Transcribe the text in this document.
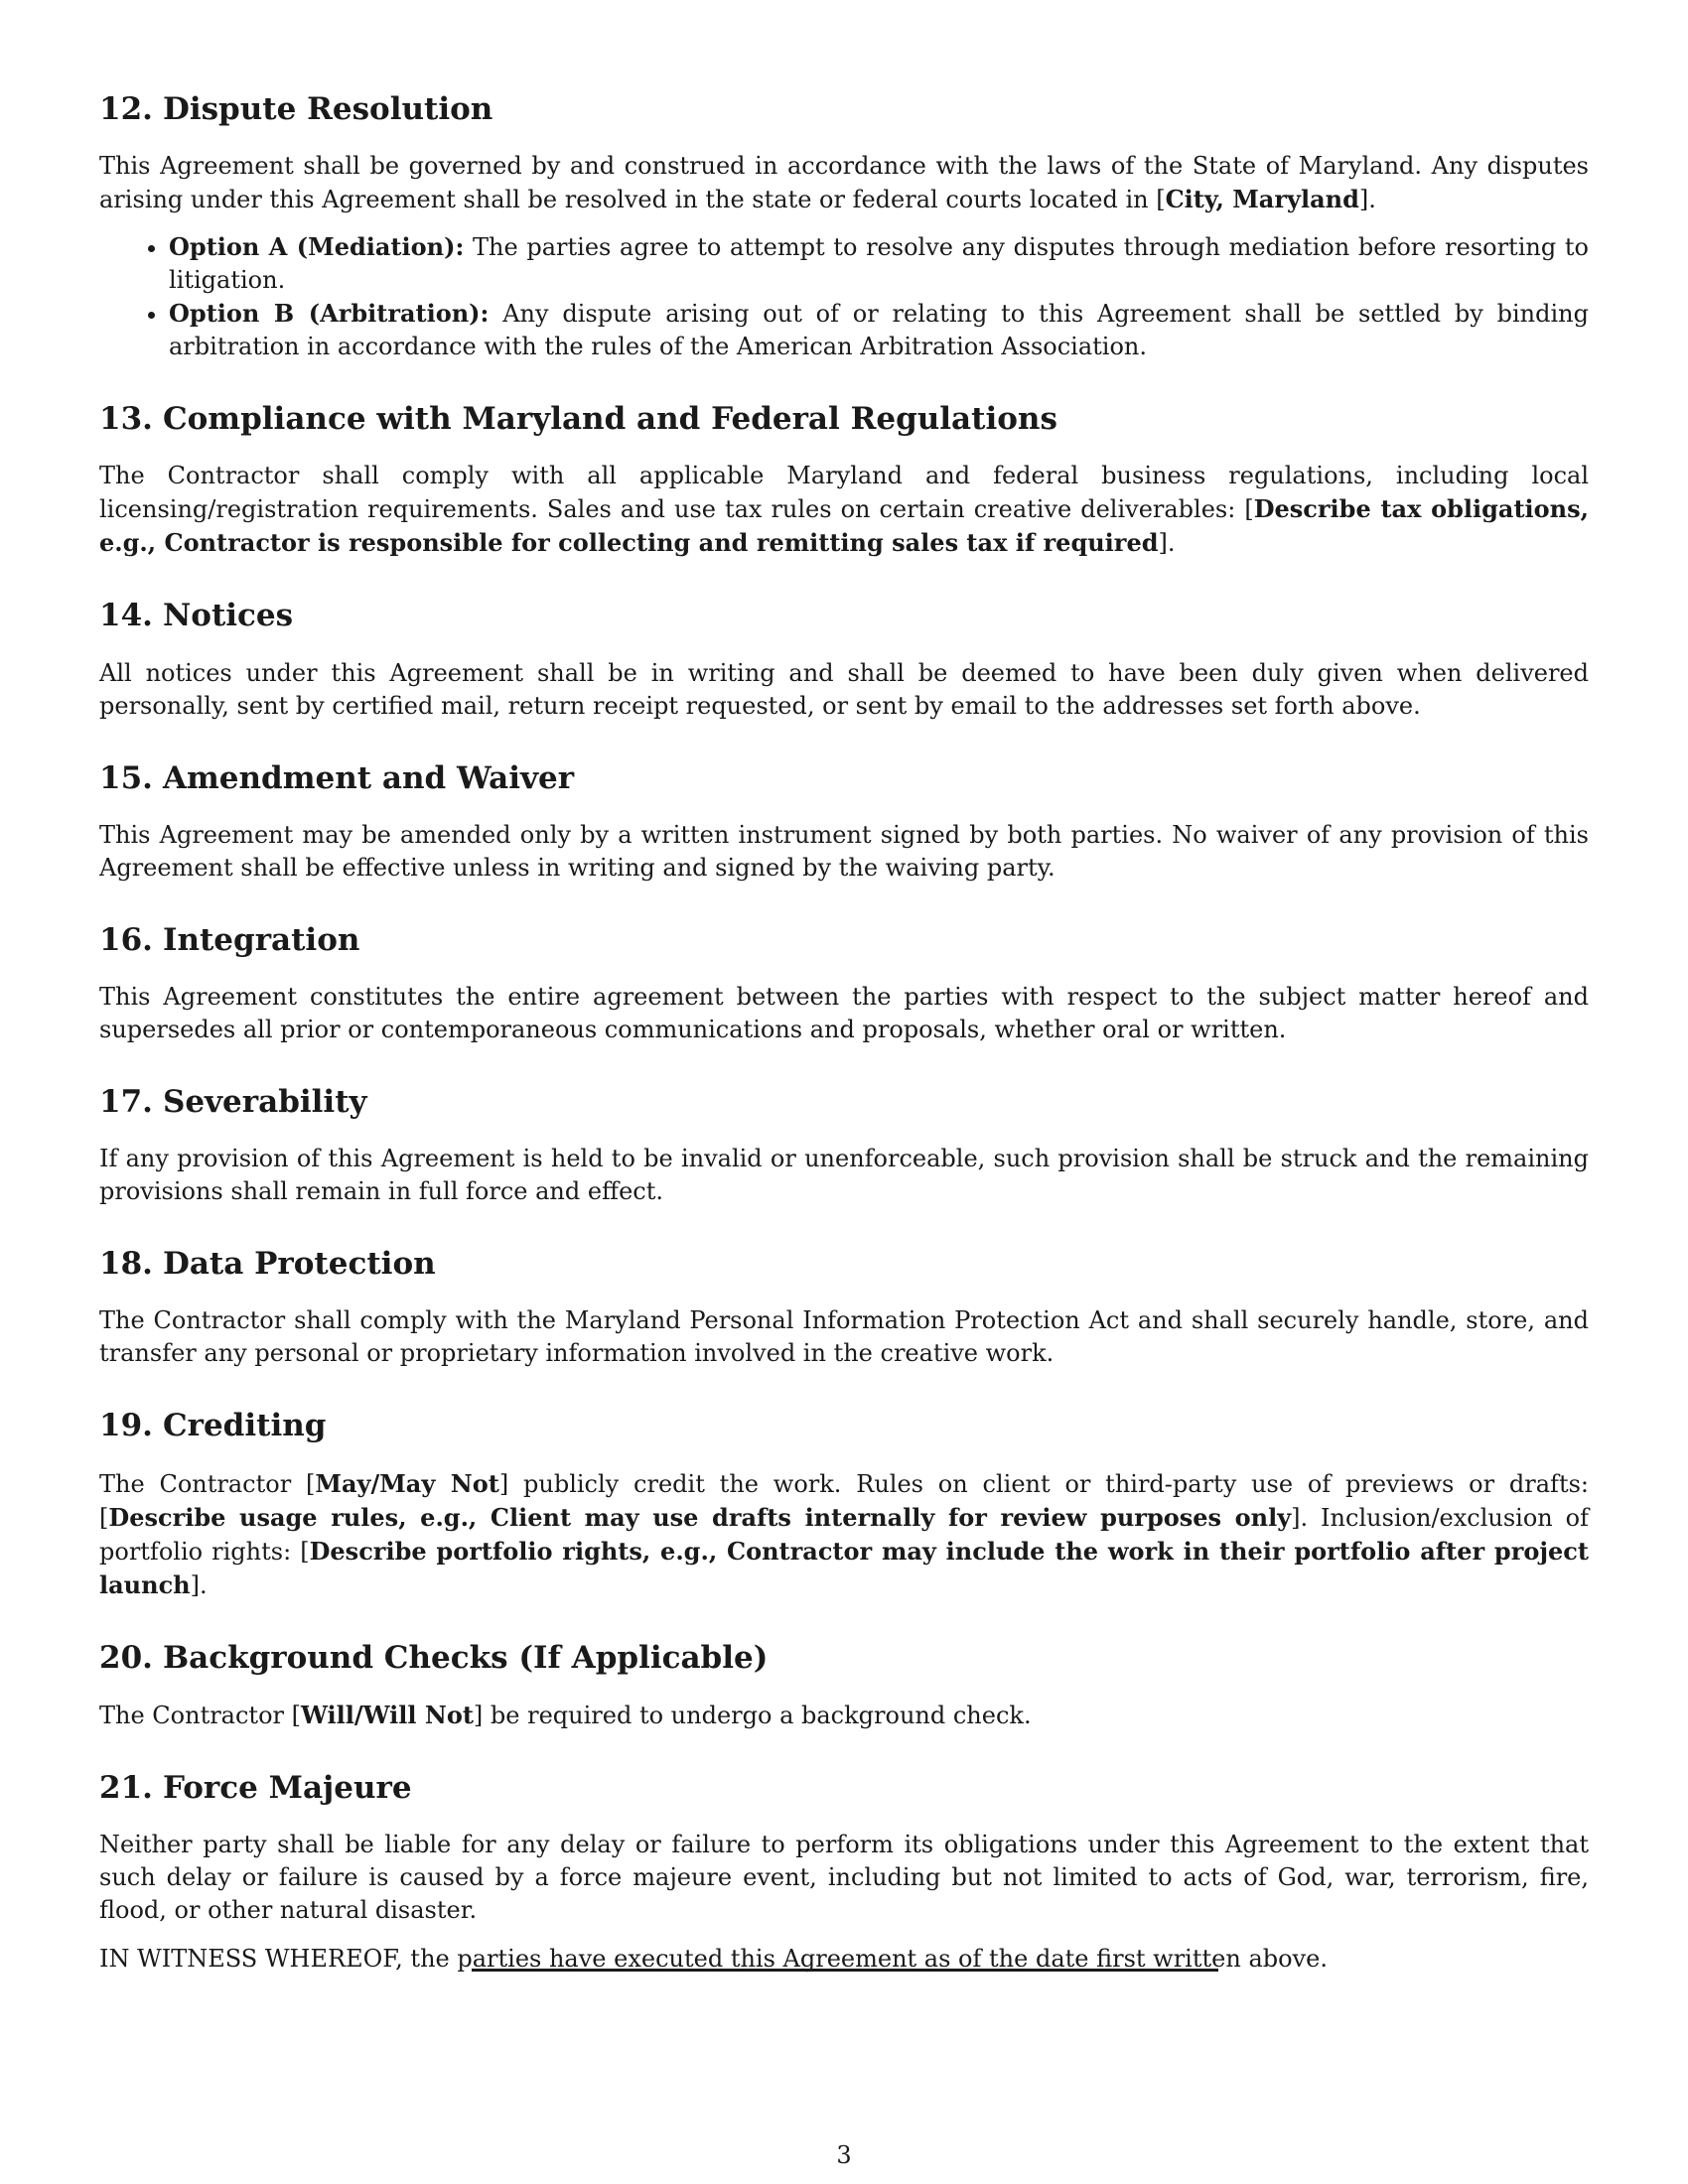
12. Dispute Resolution

This Agreement shall be governed by and construed in accordance with the laws of the State of Maryland. Any disputes arising under this Agreement shall be resolved in the state or federal courts located in [City, Maryland].

• Option A (Mediation): The parties agree to attempt to resolve any disputes through mediation before resorting to litigation.
• Option B (Arbitration): Any dispute arising out of or relating to this Agreement shall be settled by binding arbitration in accordance with the rules of the American Arbitration Association.
13. Compliance with Maryland and Federal Regulations

The Contractor shall comply with all applicable Maryland and federal business regulations, including local licensing/registration requirements. Sales and use tax rules on certain creative deliverables: [Describe tax obligations, e.g., Contractor is responsible for collecting and remitting sales tax if required].

14. Notices

All notices under this Agreement shall be in writing and shall be deemed to have been duly given when delivered personally, sent by certified mail, return receipt requested, or sent by email to the addresses set forth above.

15. Amendment and Waiver

This Agreement may be amended only by a written instrument signed by both parties. No waiver of any provision of this Agreement shall be effective unless in writing and signed by the waiving party.

16. Integration

This Agreement constitutes the entire agreement between the parties with respect to the subject matter hereof and supersedes all prior or contemporaneous communications and proposals, whether oral or written.

17. Severability

If any provision of this Agreement is held to be invalid or unenforceable, such provision shall be struck and the remaining provisions shall remain in full force and effect.

18. Data Protection

The Contractor shall comply with the Maryland Personal Information Protection Act and shall securely handle, store, and transfer any personal or proprietary information involved in the creative work.

19. Crediting

The Contractor [May/May Not] publicly credit the work. Rules on client or third-party use of previews or drafts: [Describe usage rules, e.g., Client may use drafts internally for review purposes only]. Inclusion/exclusion of portfolio rights: [Describe portfolio rights, e.g., Contractor may include the work in their portfolio after project launch].

20. Background Checks (If Applicable)

The Contractor [Will/Will Not] be required to undergo a background check.

21. Force Majeure

Neither party shall be liable for any delay or failure to perform its obligations under this Agreement to the extent that such delay or failure is caused by a force majeure event, including but not limited to acts of God, war, terrorism, fire, flood, or other natural disaster.

IN WITNESS WHEREOF, the parties have executed this Agreement as of the date first written above.

3
